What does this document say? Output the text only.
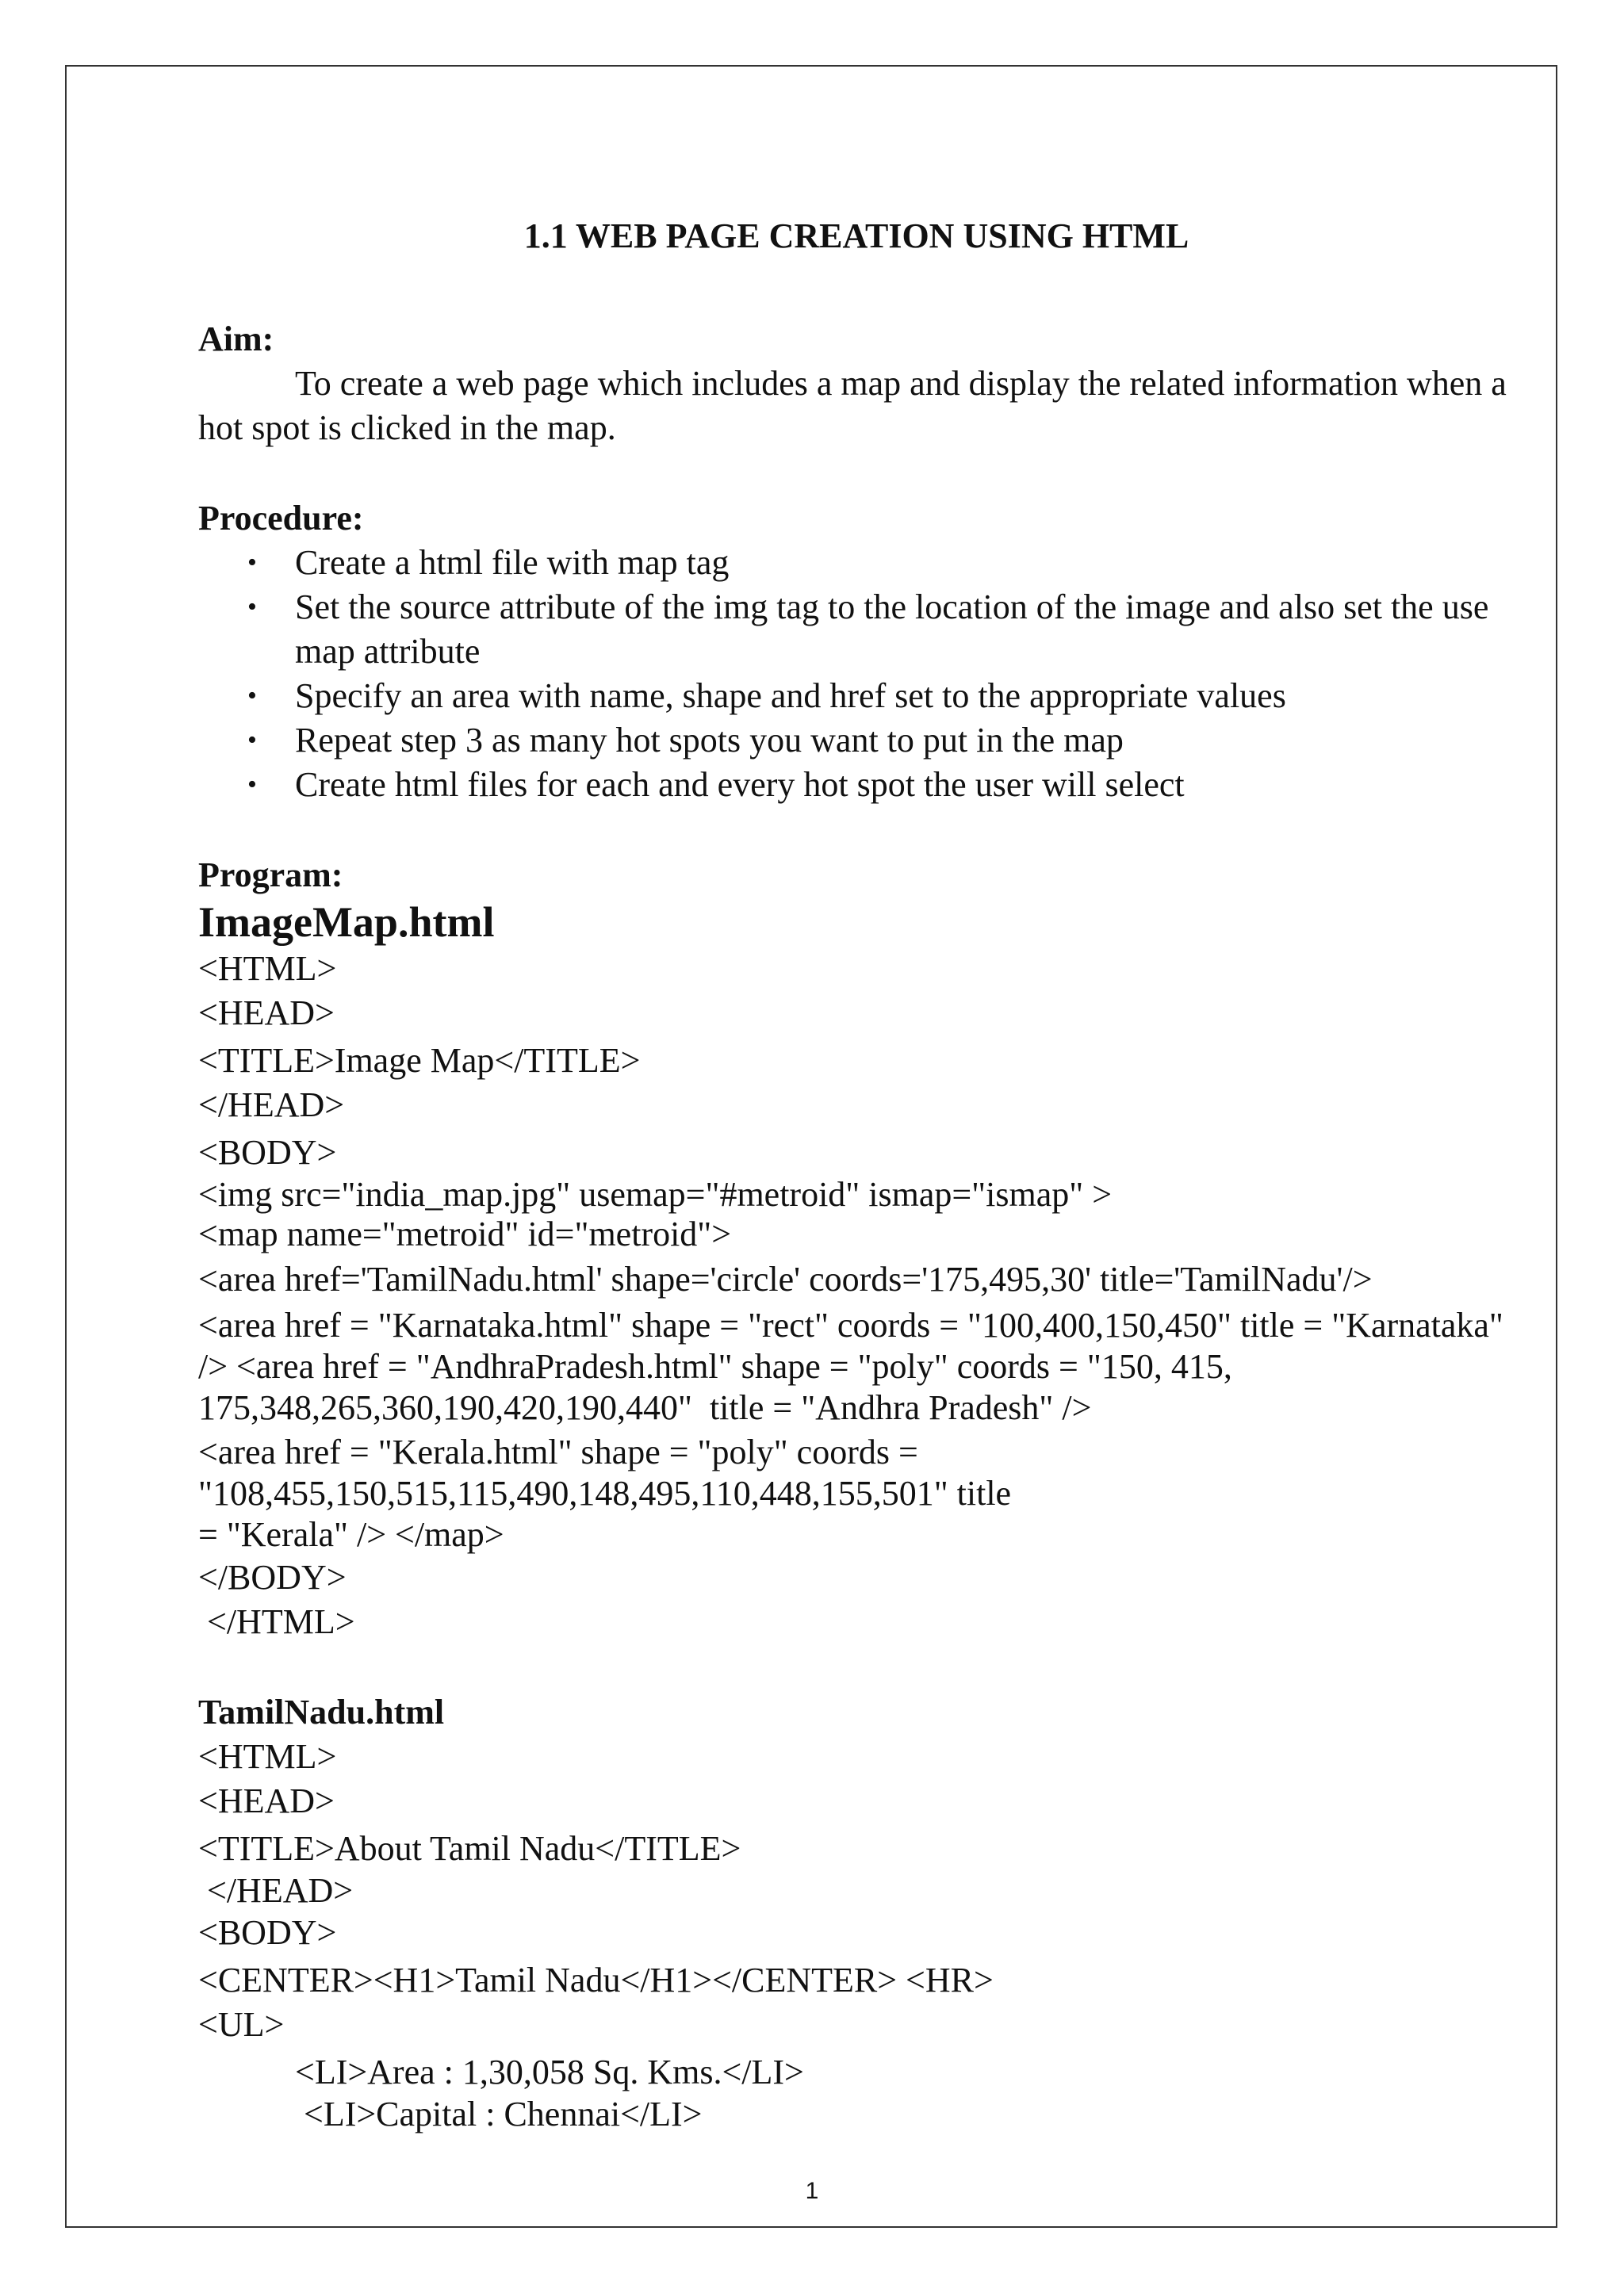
1.1 WEB PAGE CREATION USING HTML

Aim:

To create a web page which includes a map and display the related information when a hot spot is clicked in the map.

Procedure:

• Create a html file with map tag
• Set the source attribute of the img tag to the location of the image and also set the use map attribute
• Specify an area with name, shape and href set to the appropriate values
• Repeat step 3 as many hot spots you want to put in the map
• Create html files for each and every hot spot the user will select

Program:

ImageMap.html

<HTML>

<HEAD>

<TITLE>Image Map</TITLE>

</HEAD>

<BODY>

<img src="india_map.jpg" usemap="#metroid" ismap="ismap" >

<map name="metroid" id="metroid">

<area href='TamilNadu.html' shape='circle' coords='175,495,30' title='TamilNadu'/>

<area href = "Karnataka.html" shape = "rect" coords = "100,400,150,450" title = "Karnataka" /> <area href = "AndhraPradesh.html" shape = "poly" coords = "150, 415, 175,348,265,360,190,420,190,440"  title = "Andhra Pradesh" />

<area href = "Kerala.html" shape = "poly" coords = "108,455,150,515,115,490,148,495,110,448,155,501" title

= "Kerala" /> </map>

</BODY>

</HTML>

TamilNadu.html

<HTML>

<HEAD>

<TITLE>About Tamil Nadu</TITLE>

</HEAD>

<BODY>

<CENTER><H1>Tamil Nadu</H1></CENTER> <HR>

<UL>

<LI>Area : 1,30,058 Sq. Kms.</LI>

<LI>Capital : Chennai</LI>

1
